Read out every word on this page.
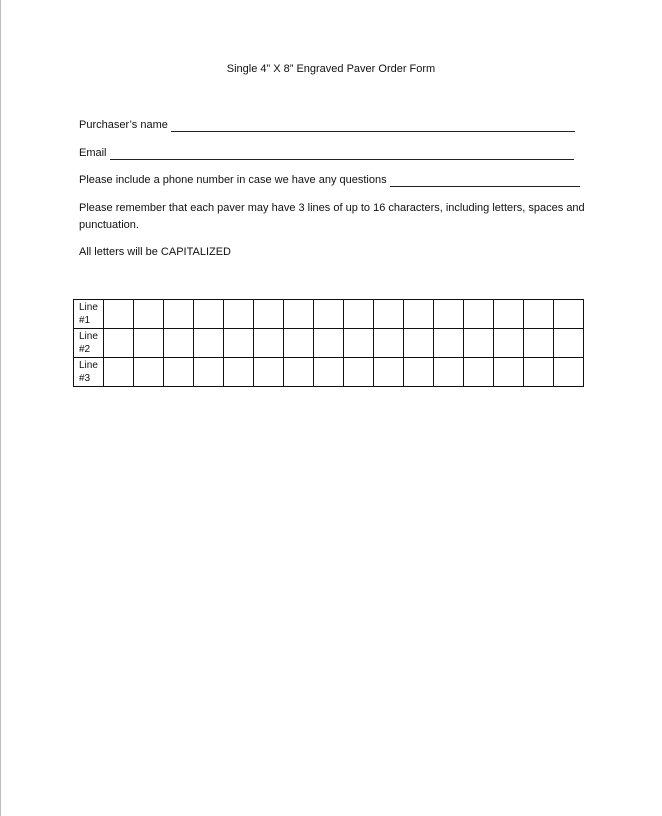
Single 4” X 8” Engraved Paver Order Form
Purchaser’s name
Email
Please include a phone number in case we have any questions
Please remember that each paver may have 3 lines of up to 16 characters, including letters, spaces and punctuation.
All letters will be CAPITALIZED
Line
#1																
Line
#2																
Line
#3																
